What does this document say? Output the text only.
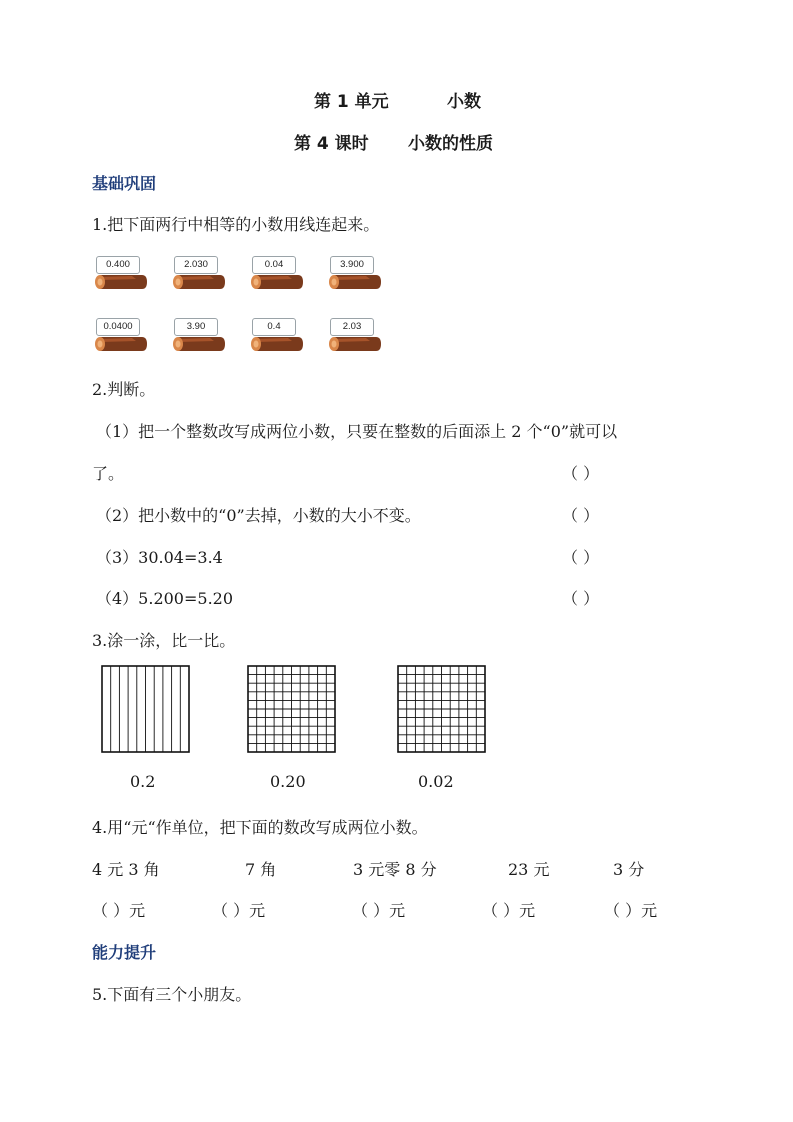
第 1 单元	小数
第 4 课时 小数的性质
基础巩固
1.把下面两行中相等的小数用线连起来。
0.400	2.030	0.04	3.900
0.0400	3.90	0.4	2.03
2.判断。
（1）把一个整数改写成两位小数，只要在整数的后面添上 2 个“0”就可以
了。	（ ）
（2）把小数中的“0”去掉，小数的大小不变。	（ ）
（3）30.04=3.4	（ ）
（4）5.200=5.20	（ ）
3.涂一涂，比一比。
0.2	0.20	0.02
4.用“元“作单位，把下面的数改写成两位小数。
4 元 3 角	7 角	3 元零 8 分	23 元	3 分
（ ）元	（ ）元	（ ）元	（ ）元	（ ）元
能力提升
5.下面有三个小朋友。
